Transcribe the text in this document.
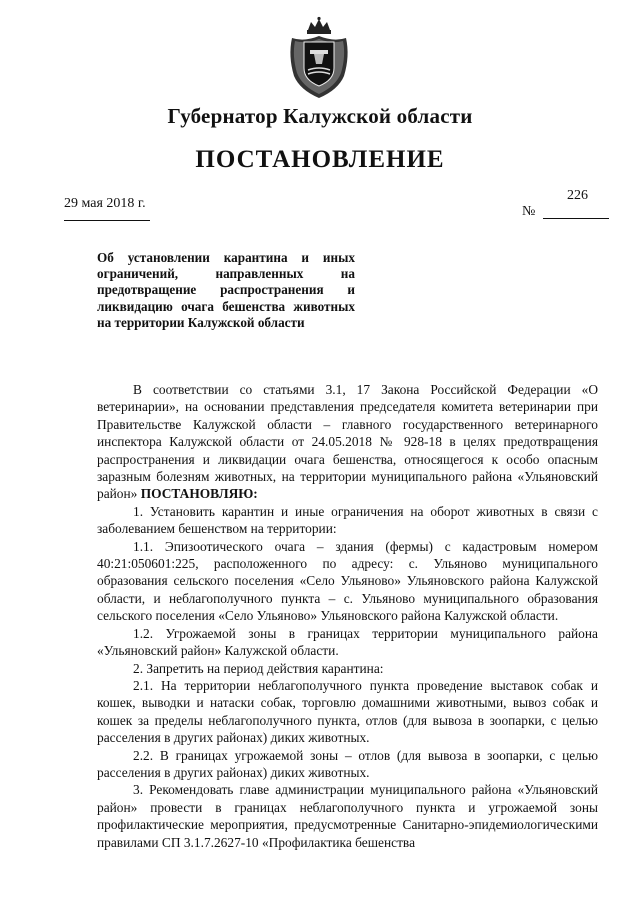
Губернатор Калужской области
ПОСТАНОВЛЕНИЕ
29 мая 2018 г.
226
№
Об установлении карантина и иных ограничений, направленных на предотвращение распространения и ликвидацию очага бешенства животных на территории Калужской области

В соответствии со статьями 3.1, 17 Закона Российской Федерации «О ветеринарии», на основании представления председателя комитета ветеринарии при Правительстве Калужской области – главного государственного ветеринарного инспектора Калужской области от 24.05.2018 № 928-18 в целях предотвращения распространения и ликвидации очага бешенства, относящегося к особо опасным заразным болезням животных, на территории муниципального района «Ульяновский район» ПОСТАНОВЛЯЮ:

1. Установить карантин и иные ограничения на оборот животных в связи с заболеванием бешенством на территории:

1.1. Эпизоотического очага – здания (фермы) с кадастровым номером 40:21:050601:225, расположенного по адресу: с. Ульяново муниципального образования сельского поселения «Село Ульяново» Ульяновского района Калужской области, и неблагополучного пункта – с. Ульяново муниципального образования сельского поселения «Село Ульяново» Ульяновского района Калужской области.

1.2. Угрожаемой зоны в границах территории муниципального района «Ульяновский район» Калужской области.

2. Запретить на период действия карантина:

2.1. На территории неблагополучного пункта проведение выставок собак и кошек, выводки и натаски собак, торговлю домашними животными, вывоз собак и кошек за пределы неблагополучного пункта, отлов (для вывоза в зоопарки, с целью расселения в других районах) диких животных.

2.2. В границах угрожаемой зоны – отлов (для вывоза в зоопарки, с целью расселения в других районах) диких животных.

3. Рекомендовать главе администрации муниципального района «Ульяновский район» провести в границах неблагополучного пункта и угрожаемой зоны профилактические мероприятия, предусмотренные Санитарно-эпидемиологическими правилами СП 3.1.7.2627-10 «Профилактика бешенства
